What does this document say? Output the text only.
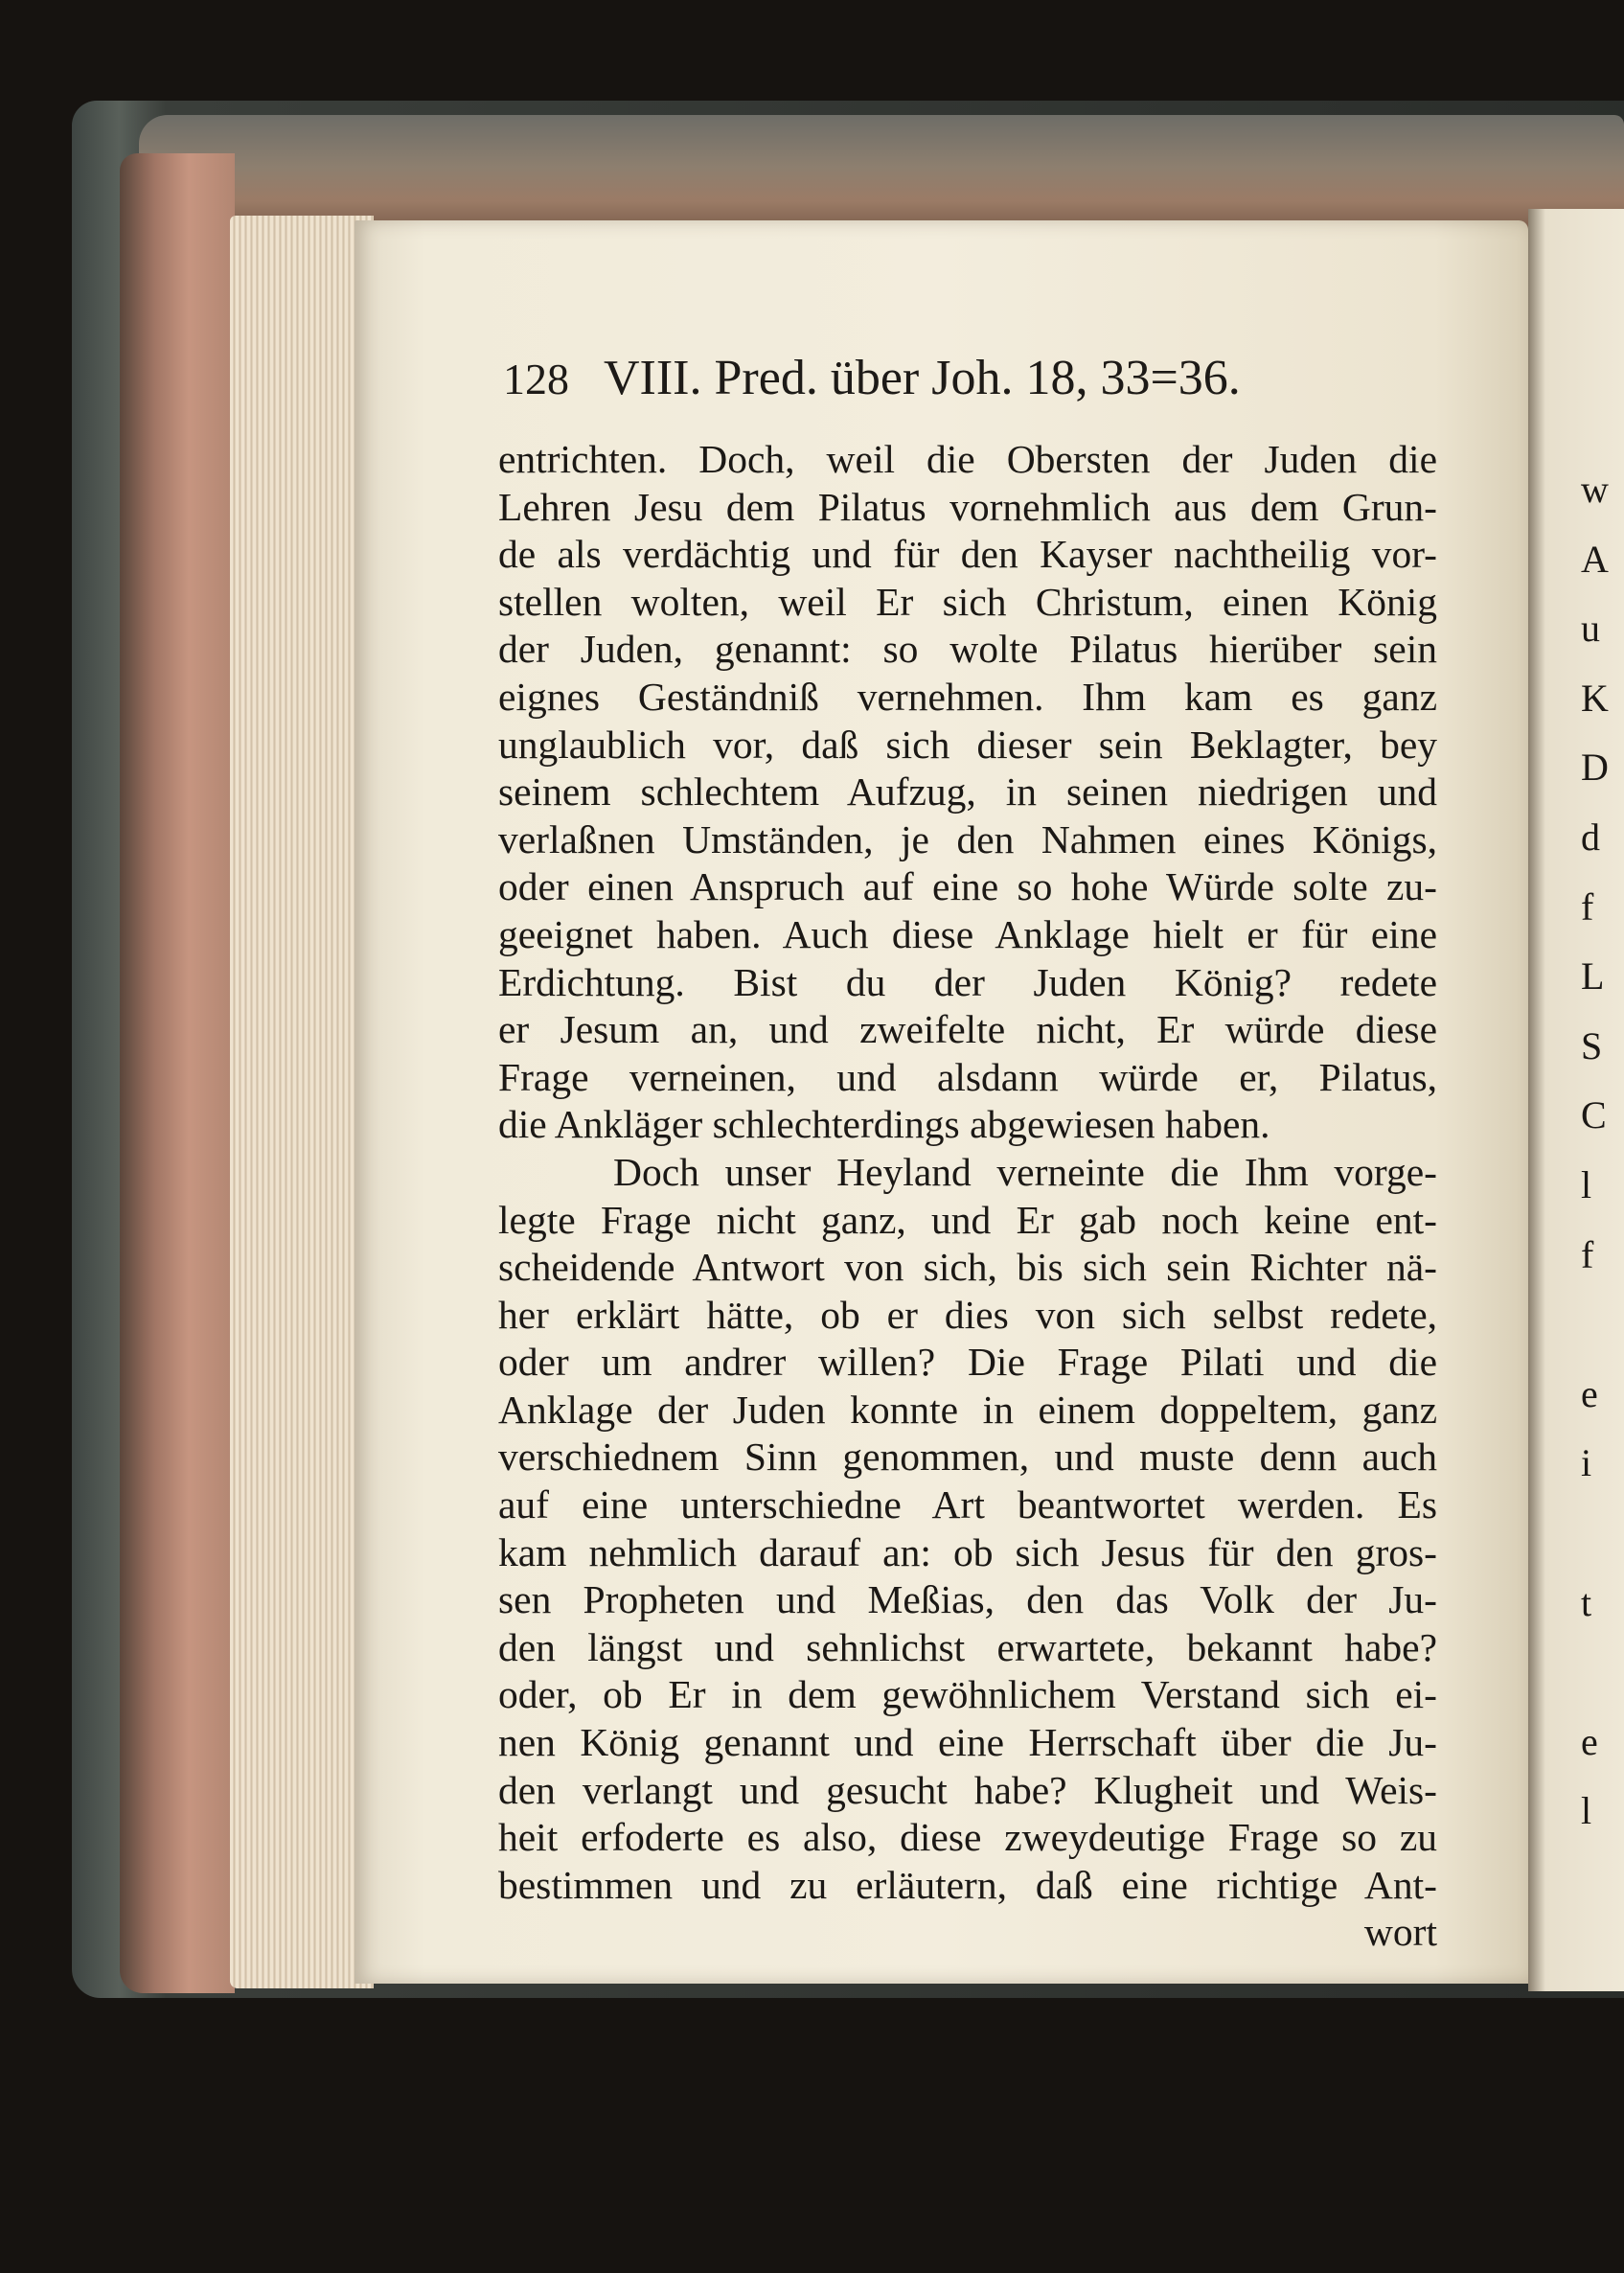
128 VIII. Pred. über Joh. 18, 33=36.
entrichten. Doch, weil die Obersten der Juden die
Lehren Jesu dem Pilatus vornehmlich aus dem Grun-
de als verdächtig und für den Kayser nachtheilig vor-
stellen wolten, weil Er sich Christum, einen König
der Juden, genannt: so wolte Pilatus hierüber sein
eignes Geständniß vernehmen. Ihm kam es ganz
unglaublich vor, daß sich dieser sein Beklagter, bey
seinem schlechtem Aufzug, in seinen niedrigen und
verlaßnen Umständen, je den Nahmen eines Königs,
oder einen Anspruch auf eine so hohe Würde solte zu-
geeignet haben. Auch diese Anklage hielt er für eine
Erdichtung. Bist du der Juden König? redete
er Jesum an, und zweifelte nicht, Er würde diese
Frage verneinen, und alsdann würde er, Pilatus,
die Ankläger schlechterdings abgewiesen haben.
Doch unser Heyland verneinte die Ihm vorge-
legte Frage nicht ganz, und Er gab noch keine ent-
scheidende Antwort von sich, bis sich sein Richter nä-
her erklärt hätte, ob er dies von sich selbst redete,
oder um andrer willen? Die Frage Pilati und die
Anklage der Juden konnte in einem doppeltem, ganz
verschiednem Sinn genommen, und muste denn auch
auf eine unterschiedne Art beantwortet werden. Es
kam nehmlich darauf an: ob sich Jesus für den gros-
sen Propheten und Meßias, den das Volk der Ju-
den längst und sehnlichst erwartete, bekannt habe?
oder, ob Er in dem gewöhnlichem Verstand sich ei-
nen König genannt und eine Herrschaft über die Ju-
den verlangt und gesucht habe? Klugheit und Weis-
heit erfoderte es also, diese zweydeutige Frage so zu
bestimmen und zu erläutern, daß eine richtige Ant-
wort
w
A
u
K
D
d
f
L
S
C
l
f
e
i
t
e
l
